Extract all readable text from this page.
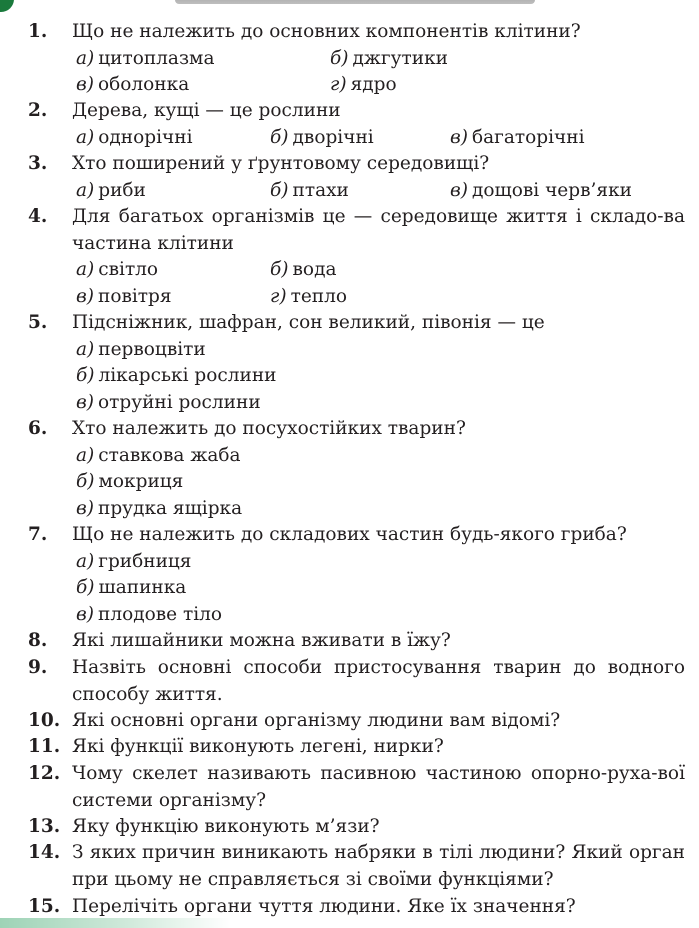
1.	Що не належить до основних компонентів клітини?
а) цитоплазма	б) джгутики
в) оболонка	г) ядро
2.	Дерева, кущі — це рослини
а) однорічні	б) дворічні	в) багаторічні
3.	Хто поширений у ґрунтовому середовищі?
а) риби	б) птахи	в) дощові черв’яки
4.	Для багатьох організмів це — середовище життя і складо-ва частина клітини
а) світло	б) вода
в) повітря	г) тепло
5.	Підсніжник, шафран, сон великий, півонія — це
а) первоцвіти
б) лікарські рослини
в) отруйні рослини
6.	Хто належить до посухостійких тварин?
а) ставкова жаба
б) мокриця
в) прудка ящірка
7.	Що не належить до складових частин будь-якого гриба?
а) грибниця
б) шапинка
в) плодове тіло
8.	Які лишайники можна вживати в їжу?
9.	Назвіть основні способи пристосування тварин до водного способу життя.
10. Які основні органи організму людини вам відомі?
11. Які функції виконують легені, нирки?
12. Чому скелет називають пасивною частиною опорно-руха-вої системи організму?
13. Яку функцію виконують м’язи?
14. З яких причин виникають набряки в тілі людини? Який орган при цьому не справляється зі своїми функціями?
15. Перелічіть органи чуття людини. Яке їх значення?
